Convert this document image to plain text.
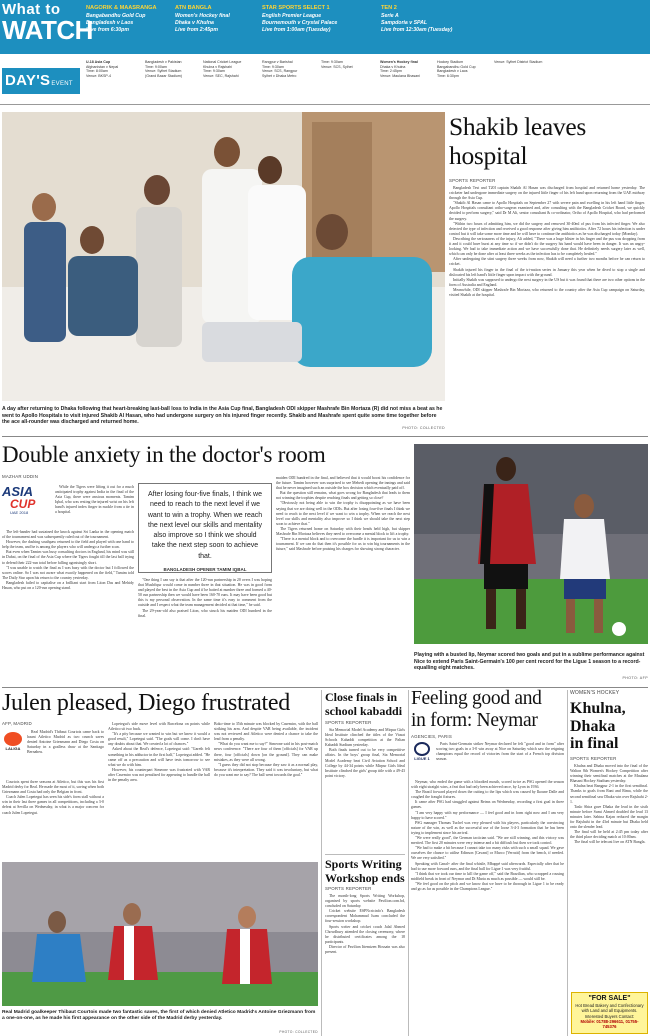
What to
WATCH
NAGORIK & MAASRANGA
Bangabandhu Gold Cup
Bangladesh v Laos
Live from 6:30pm
ATN BANGLA
Women's Hockey final
Dhaka v Khulna
Live from 2:45pm
STAR SPORTS SELECT 1
English Premier League
Bournemouth v Crystal Palace
Live from 1:00am (Tuesday)
TEN 2
Serie A
Sampdoria v SPAL
Live from 12:30am (Tuesday)
DAY'SEVENT
U-18 Asia Cup
Afghanistan v Nepal
Time: 8:00am
Venue: BKSP-4
Bangladesh v Pakistan
Time: 9:00am
Venue: Sylhet Stadium
(Grand Bazar Stadium)
National Cricket League
Khulna v Rajshahi
Time: 9:30am
Venue: SEC, Rajshahi
Rangpur v Barishal
Time: 9:30am
Venue: SCS, Rangpur
Sylhet v Dhaka Metro
Time: 9:30am
Venue: SCS, Sylhet
Women's Hockey final
Dhaka v Khulna
Time: 2:45pm
Venue: Maulana Bhasani
Hockey Stadium
Bangabandhu Gold Cup
Bangladesh v Laos
Time: 6:30pm
Venue: Sylhet District Stadium
A day after returning to Dhaka following that heart-breaking last-ball loss to India in the Asia Cup final, Bangladesh ODI skipper Mashrafe Bin Mortaza (R) did not miss a beat as he went to Apollo Hospitals to visit injured Shakib Al Hasan, who had undergone surgery on his injured finger recently. Shakib and Mashrafe spent quite some time together before the ace all-rounder was discharged and returned home.
PHOTO: COLLECTED
Shakib leaves
hospital
SPORTS REPORTER

Bangladesh Test and T20I captain Shakib Al Hasan was discharged from hospital and returned home yesterday. The cricketer had undergone immediate surgery on the injured little finger of his left hand upon returning from the UAE midway through the Asia Cup.

"Shakib Al Hasan came to Apollo Hospitals on September 27 with severe pain and swelling in his left hand little finger. Apollo Hospitals consultant ortho-surgeon examined and, after consulting with the Bangladesh Cricket Board, we quickly decided to perform surgery," said Dr M Ali, senior consultant & co-ordinator, Ortho of Apollo Hospital, who had performed the surgery.

"Within two hours of admitting him, we did the surgery and removed 30-40ml of pus from his infected finger. We also detected the type of infection and received a good response after giving him antibiotics. After 72 hours his infection is under control but it will take some more time and he will have to continue the antibiotics as he was discharged today (Monday).

Describing the seriousness of the injury, Ali added, "There was a huge blister in his finger and the pus was dropping from it and it could have burst at any time so if we didn't do the surgery his hand would have been in danger. It was an angry-looking. We had to take immediate action and we have successfully done that. He definitely needs surgery later as well, which can only be done after at least three weeks as the infection has to be completely healed."

After undergoing the stint surgery three weeks from now, Shakib will need a further two months before he can return to cricket.

Shakib injured his finger in the final of the tri-nation series in January this year when he dived to stop a single and dislocated his left hand's little finger upon impact with the ground.

Initially Shakib was supposed to undergo the next surgery in the US but it was found that there are two other options in the form of Australia and England.

Meanwhile, ODI skipper Mashrafe Bin Mortaza, who returned to the country after the Asia Cup campaign on Saturday, visited Shakib at the hospital.

Double anxiety in the doctor's room
MAZHAR UDDIN
ASIA
CUP
UAE 2018

While the Tigers were lifting it out for a much anticipated trophy against India in the final of the Asia Cup, there were anxious moments. Tamim Iqbal, who was resting the injured wrist on his left hand's injured index finger in nuckle from a tie in a hospital.

The left-hander had sustained the knock against Sri Lanka in the opening match of the tournament and was subsequently ruled out of the tournament.

However, the dashing southpaw returned to the field and played with one hand to help the team, and he is among the players who will undergo a further scan.

But even when Tamim was busy consulting doctors in England, his mind was still in Dubai, on the final of the Asia Cup where the Tigers fought till the last ball trying to defend their 222-run total before falling agonisingly short.

"I was unable to watch the final as I was busy with the doctor but I followed the scores online. So I was not aware what exactly happened on the field," Tamim told The Daily Star upon his return to the country yesterday.

Bangladesh failed to capitalise on a brilliant start from Liton Das and Mehidy Hasan, who put on a 120-run opening stand.

After losing four-five finals, I think we need to reach to the next level if we want to win a trophy. When we reach the next level our skills and mentality also improve so I think we should take the next step soon to achieve that.
BANGLADESH OPENER TAMIM IQBAL

"One thing I can say is that after the 120-run partnership in 20 overs I was hoping that Mushfiqur would come in number three in that situation. He was in good form and played the best in the Asia Cup and if he batted at number three and formed a 40-50 run partnership then we would have been 160-70 runs. It may have been good but this is my personal observation. In the same time it's easy to comment from the outside and I respect what the team management decided at that time," he said.

The 29-year-old also praised Liton, who struck his maiden ODI hundred in the final.

maiden ODI hundred in the final, and believed that it would boost his confidence for the future. Tamim however was surprised to see Mehedi opening the innings and said that he never imagined such an outside the box decision which eventually paid off.

But the question still remains, what goes wrong for Bangladesh that leads to them not winning the trophies despite reaching finals and getting so close?

"Obviously not being able to win the trophy is disappointing as we have been saying that we are doing well in the ODIs. But after losing four-five finals I think we need to reach to the next level if we want to win a trophy. When we reach the next level our skills and mentality also improve so I think we should take the next step soon to achieve that."

The Tigers returned home on Saturday with their heads held high, but skipper Mashrafe Bin Mortaza believes they need to overcome a mental block to lift a trophy.

"There is a mental block and to overcome the hurdle it is important for us to win a tournament. If we can do that then it's possible for us to win big tournaments in the future," said Mashrafe before praising his charges for showing strong character.

Playing with a busted lip, Neymar scored two goals and put in a sublime performance against Nice to extend Paris Saint-Germain's 100 per cent record for the Ligue 1 season to a record-equalling eight matches.
PHOTO: AFP
Julen pleased, Diego frustrated
AFP, MADRID
LALIGA

Real Madrid's Thibaut Courtois came back to haunt Atletico Madrid as two crunch saves denied Antoine Griezmann and Diego Costa on Saturday in a goalless draw at the Santiago Bernabeu.

Courtois spent three seasons at Atletico, but this was his first Madrid derby for Real. He made the most of it, saving when both Griezmann and Costa had only the Belgian in front.

Coach Julen Lopetegui has seen his side's form stall without a win in their last three games in all competitions, including a 3-0 defeat at Sevilla on Wednesday, in what is a major concern for coach Julen Lopetegui.

Lopetegui's side move level with Barcelona on points while Atletico sit two back.

"It's a pity because we wanted to win but we knew it would a good result," Lopetegui said. "The goals will come. I don't have any doubts about that. We created a lot of chances."

Asked about the Real's defence, Lopetegui said: "Gareth felt something in his adductor in the first half," Lopetegui added. "He came off as a precaution and will have tests tomorrow to see what we do with him.

However, his counterpart Simeone was frustrated with VAR after Casemiro was not penalised for appearing to handle the ball in the penalty area.

Boko-time to 35th minute was blocked by Casemiro, with the ball striking his arm. And despite VAR being available, the incident was not reviewed and Atletico were denied a chance to take the lead from a penalty.

"What do you want me to say?" Simeone said in his post-match news conference. "There are four of them [officials] for VAR up there, four [officials] down [on the ground]. They can make mistakes, as they were all wrong.

"I guess they did not stop because they saw it as a normal play, because it's interpretation. They said it was involuntary, but what do you want me to say? The ball went towards the goal."

Real Madrid goalkeeper Thibaut Courtois made two fantastic saves, the first of which denied Atletico Madrid's Antoine Griezmann from a one-on-one, as he made his first appearance on the other side of the Madrid derby yesterday.
PHOTO: COLLECTED
Close finals in school kabaddi
SPORTS REPORTER

Sia Memorial Model Academy and Mirpur Girls Ideal Institute clinched the titles of the Viasat Schools Kabaddi competition at the Paltan Kabaddi Stadium yesterday.

Both finals turned out to be very competitive affairs. In the boys' group final, Sia Memorial Model Academy beat Civil Aviation School and College by 44-34 points while Mirpur Girls Ideal Institute clinched the girls' group title with a 49-43 point victory.

Sports Writing Workshop ends
SPORTS REPORTER

The month-long Sports Writing Workshop, organised by sports website Pavilion.com.bd, concluded on Saturday.

Cricket website ESPNcricinfo's Bangladesh correspondent Mohammad Isam concluded the four-session workshop.

Sports writer and cricket coach Jalal Ahmed Chowdhury attended the closing ceremony, where he distributed certificates among the 18 participants.

Director of Pavilion Ittemizen Hossain was also present.

Feeling good and
in form: Neymar
AGENCIES, PARIS
LIGUE 1

Paris Saint-Germain striker Neymar declared he felt "good and in form" after scoring two goals in a 3-0 win away at Nice on Saturday which saw the reigning champions equal the record of victories from the start of a French top division season.

Neymar, who ended the game with a bloodied mouth, scored twice as PSG opened the season with eight straight wins, a feat that had only been achieved once, by Lyon in 1936.

The Brazil forward played down the cutting to the lips which was caused by Ikoune Dalle and coughed the fraught fixtures.

It came after PSG had struggled against Reims on Wednesday, recording a first goal in three games.

"I am very happy with my performance — I feel good and in form right now and I am very happy to have scored."

PSG manager Thomas Tuchel was very pleased with his players, particularly the convincing nature of the win, as well as the successful use of the loose 3-4-3 formation that he has been trying to implement since his arrival.

"We were really good", the German tactician said. "We are still winning, and this victory was merited. The first 20 minutes were very intense and a bit difficult but then we took control.

"We had to make a bit because I cannot take too many risks with such a small squad. We gave ourselves the chance to utilise Edinson [Cavani] or Marco [Verratti] from the bench, if needed. We are very satisfied."

Speaking with Canal+ after the final whistle, Mbappé said afterwards. Especially after that he had to use more forward runs, and the final ball for Ligue 1 was very fruitful.

"I think that we took our time to kill the game off," said the Brazilian, who scrapped a rousing midfield break in front of Neymar and Di Maria as much as possible — would still be.

"We feel good on the pitch and we know that we have to be thorough in Ligue 1 to be ready and go as far as possible in the Champions League."

WOMEN'S HOCKEY
Khulna,
Dhaka
in final
SPORTS REPORTER

Khulna and Dhaka moved into the final of the Walton 8th Women's Hockey Competition after winning their semifinal matches at the Maulana Bhasani Hockey Stadium yesterday.

Khulna beat Rangpur 2-1 in the first semifinal. Thanks to goals from Rani and Rima, while the second semifinal saw Dhaka win over Rajshahi 2-1.

Taslo Shira gave Dhaka the lead in the sixth minute before Sumi Ahmed doubled the lead 13 minutes later. Sabina Kajan reduced the margin for Rajshahi in the 43rd minute but Dhaka held onto the slender lead.

The final will be held at 2:45 pm today after the third place deciding match at 10:00am.

The final will be telecast live on ATN Bangla.

"FOR SALE"
Hot Bread Bakery and Confectionary with Land and all Equipments. Interested Buyers Contact:
Mobile: 01788-296611, 01755-745376
